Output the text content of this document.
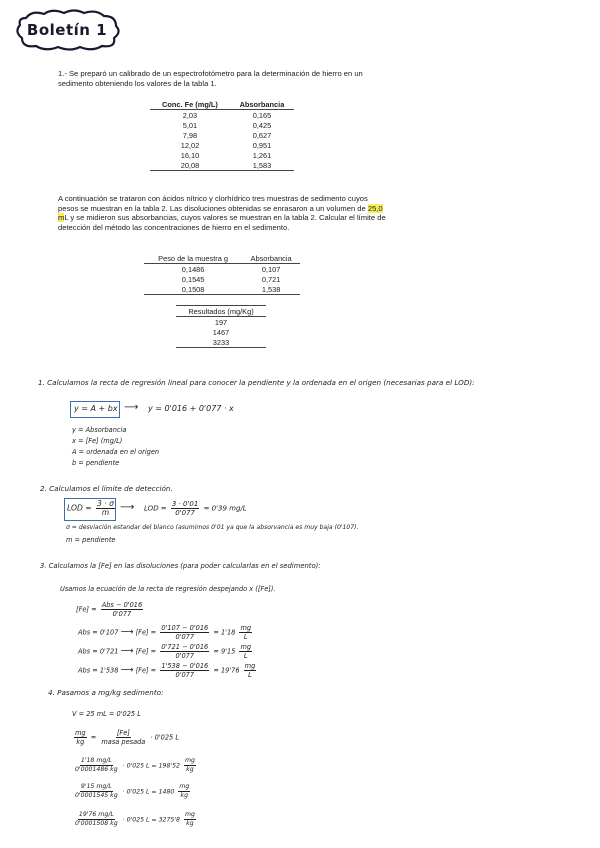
Boletín 1
1.- Se preparó un calibrado de un espectrofotómetro para la determinación de hierro en un sedimento obteniendo los valores de la tabla 1.
Conc. Fe (mg/L)	Absorbancia
2,03	0,165
5,01	0,425
7,98	0,627
12,02	0,951
16,10	1,261
20,08	1,583
A continuación se trataron con ácidos nítrico y clorhídrico tres muestras de sedimento cuyos pesos se muestran en la tabla 2. Las disoluciones obtenidas se enrasaron a un volumen de 25,0 mL y se midieron sus absorbancias, cuyos valores se muestran en la tabla 2. Calcular el límite de detección del método las concentraciones de hierro en el sedimento.
Peso de la muestra g	Absorbancia
0,1486	0,107
0,1545	0,721
0,1508	1,538
Resultados (mg/Kg)
197
1467
3233
1. Calculamos la recta de regresión lineal para conocer la pendiente y la ordenada en el origen (necesarias para el LOD):
y = A + bx ⟶ y = 0'016 + 0'077 · x
y = Absorbancia
x = [Fe] (mg/L)
A = ordenada en el origen
b = pendiente
2. Calculamos el límite de detección.
LOD = $\frac{3 \cdot \sigma}{m}$ ⟶ LOD = $\frac{3 \cdot 0'01}{0'077} = 0'39$ mg/L
σ = desviación estandar del blanco (asumimos 0'01 ya que la absorvancia es muy baja (0'107).
m = pendiente
3. Calculamos la [Fe] en las disoluciones (para poder calcularlas en el sedimento):
Usamos la ecuación de la recta de regresión despejando x ([Fe]).
$[Fe] = \frac{\text{Abs − 0'016}}{0'077}$
Abs = 0'107 ⟶ $[Fe] = \frac{0'107 - 0'016}{0'077} = 1'18 \frac{mg}{L}$
Abs = 0'721 ⟶ $[Fe] = \frac{0'721 - 0'016}{0'077} = 9'15 \frac{mg}{L}$
Abs = 1'538 ⟶ $[Fe] = \frac{1'538 - 0'016}{0'077} = 19'76 \frac{mg}{L}$
4. Pasamos a mg/kg sedimento:
V = 25 mL = 0'025 L
$\frac{mg}{kg} = \frac{[Fe]}{\text{masa pesada}} \cdot 0'025$ L
$\frac{1'18 mg/L}{0'0001486 kg} \cdot 0'025$ $L = 198'52 \frac{mg}{kg}$
$\frac{9'15 mg/L}{0'0001545 kg} \cdot 0'025$ $L = 1480 \frac{mg}{kg}$
$\frac{19'76 mg/L}{0'0001508 kg} \cdot 0'025$ $L = 3275'8 \frac{mg}{kg}$
